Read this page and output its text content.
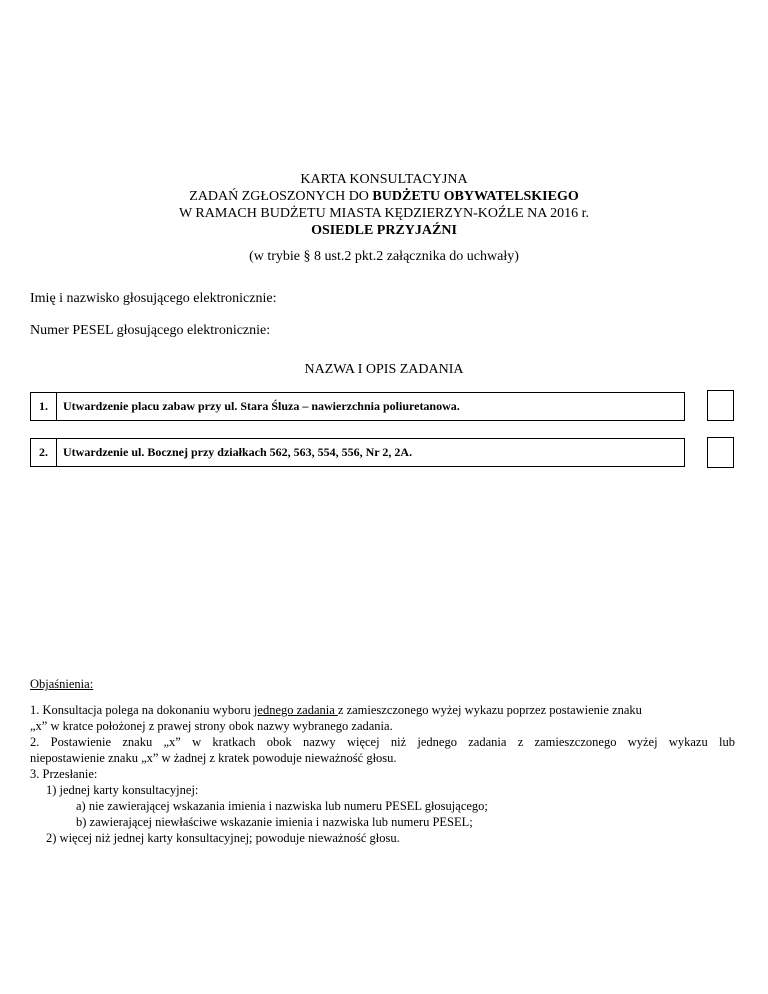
KARTA KONSULTACYJNA
ZADAŃ ZGŁOSZONYCH DO BUDŻETU OBYWATELSKIEGO
W RAMACH BUDŻETU MIASTA KĘDZIERZYN-KOŹLE NA 2016 r.
OSIEDLE PRZYJAŹNI
(w trybie § 8 ust.2 pkt.2 załącznika do uchwały)
Imię i nazwisko głosującego elektronicznie:
Numer PESEL głosującego elektronicznie:
NAZWA I OPIS ZADANIA
1.	Utwardzenie placu zabaw przy ul. Stara Śluza – nawierzchnia poliuretanowa.
2.	Utwardzenie ul. Bocznej przy działkach 562, 563, 554, 556, Nr 2, 2A.
Objaśnienia:
1. Konsultacja polega na dokonaniu wyboru jednego zadania z zamieszczonego wyżej wykazu poprzez postawienie znaku
„x” w kratce położonej z prawej strony obok nazwy wybranego zadania.
2. Postawienie znaku „x” w kratkach obok nazwy więcej niż jednego zadania z zamieszczonego wyżej wykazu lub
niepostawienie znaku „x” w żadnej z kratek powoduje nieważność głosu.
3. Przesłanie:
1) jednej karty konsultacyjnej:
a) nie zawierającej wskazania imienia i nazwiska lub numeru PESEL głosującego;
b) zawierającej niewłaściwe wskazanie imienia i nazwiska lub numeru PESEL;
2) więcej niż jednej karty konsultacyjnej; powoduje nieważność głosu.
